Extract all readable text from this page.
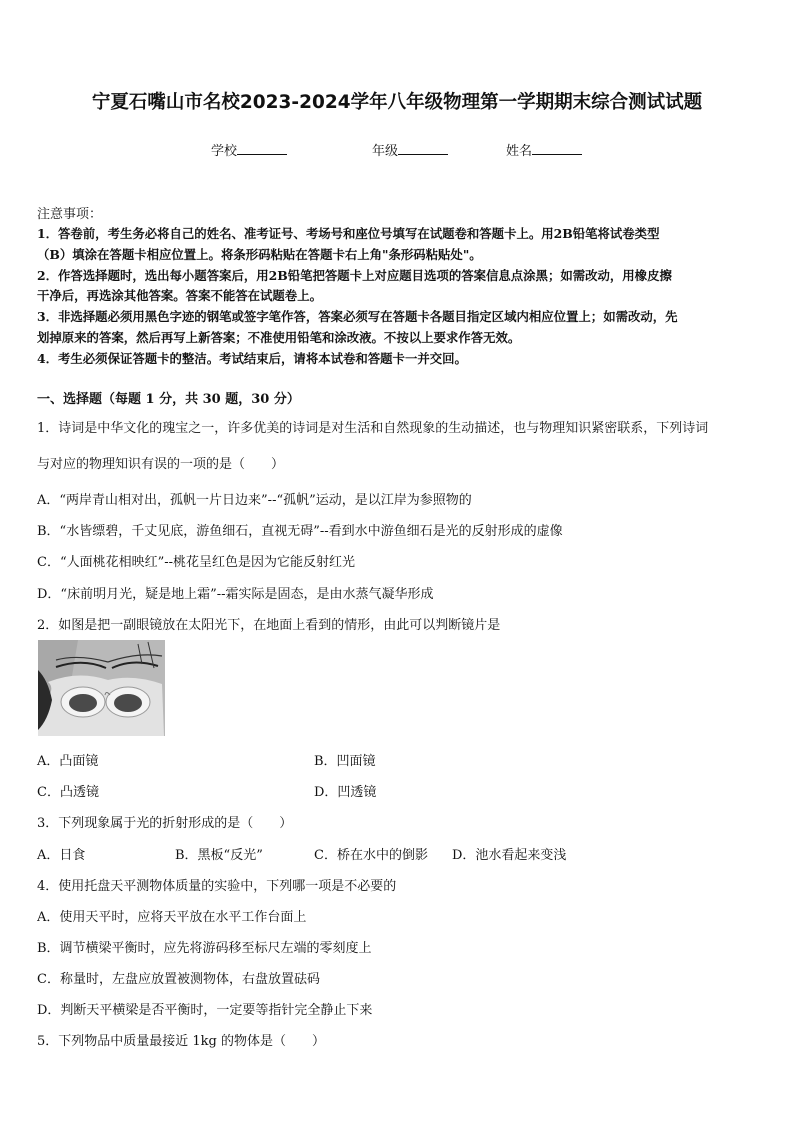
宁夏石嘴山市名校2023-2024学年八年级物理第一学期期末综合测试试题
学校	年级	姓名
注意事项：
1．答卷前，考生务必将自己的姓名、准考证号、考场号和座位号填写在试题卷和答题卡上。用2B铅笔将试卷类型
（B）填涂在答题卡相应位置上。将条形码粘贴在答题卡右上角"条形码粘贴处"。
2．作答选择题时，选出每小题答案后，用2B铅笔把答题卡上对应题目选项的答案信息点涂黑；如需改动，用橡皮擦
干净后，再选涂其他答案。答案不能答在试题卷上。
3．非选择题必须用黑色字迹的钢笔或签字笔作答，答案必须写在答题卡各题目指定区域内相应位置上；如需改动，先
划掉原来的答案，然后再写上新答案；不准使用铅笔和涂改液。不按以上要求作答无效。
4．考生必须保证答题卡的整洁。考试结束后，请将本试卷和答题卡一并交回。
一、选择题（每题 1 分，共 30 题，30 分）
1．诗词是中华文化的瑰宝之一，许多优美的诗词是对生活和自然现象的生动描述，也与物理知识紧密联系，下列诗词
与对应的物理知识有误的一项的是（　　）
A．“两岸青山相对出，孤帆一片日边来”--“孤帆”运动，是以江岸为参照物的
B．“水皆缥碧，千丈见底，游鱼细石，直视无碍”--看到水中游鱼细石是光的反射形成的虚像
C．“人面桃花相映红”--桃花呈红色是因为它能反射红光
D．“床前明月光，疑是地上霜”--霜实际是固态，是由水蒸气凝华形成
2．如图是把一副眼镜放在太阳光下，在地面上看到的情形，由此可以判断镜片是
A．凸面镜	B．凹面镜
C．凸透镜	D．凹透镜
3．下列现象属于光的折射形成的是（　　）
A．日食	B．黑板“反光”	C．桥在水中的倒影 D．池水看起来变浅
4．使用托盘天平测物体质量的实验中，下列哪一项是不必要的
A．使用天平时，应将天平放在水平工作台面上
B．调节横梁平衡时，应先将游码移至标尺左端的零刻度上
C．称量时，左盘应放置被测物体，右盘放置砝码
D．判断天平横梁是否平衡时，一定要等指针完全静止下来
5．下列物品中质量最接近 1kg 的物体是（　　）
